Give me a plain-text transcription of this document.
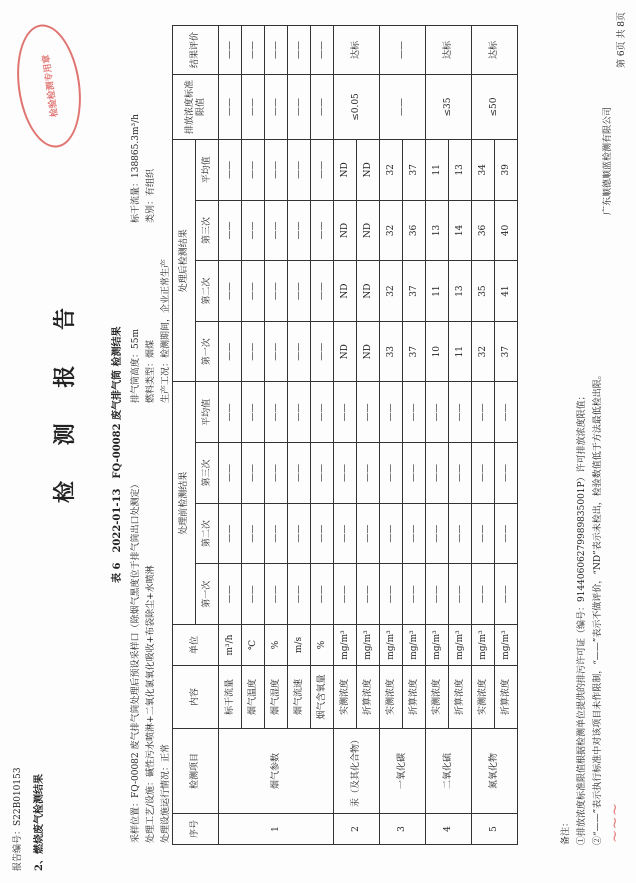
报告编号：S22B010153	2、燃烧废气检测结果
检 测 报 告
广东顺德顺蓝检测有限公司
表 6　2022-01-13　FQ-00082 废气排气筒 检测结果
采样位置：FQ-00082 废气排气筒处理后预设采样口（除烟气黑度位于排气筒出口处测定） 处理工艺/设施：碱性污水喷淋+二氧化氯氧化吸收+布袋除尘+水喷淋 处理设施运行情况：正常
排气筒高度：55m 燃料类型：烟煤 生产工况：检测期间，企业正常生产
标干流量：138865.3m³/h 类别：有组织
序号	检测项目	内容	单位	处理前检测结果				处理后检测结果				排放浓度标准限值	结果评价
				第一次	第二次	第三次	平均值	第一次	第二次	第三次	平均值		
1	烟气参数	标干流量	m³/h	——	——	——	——	——	——	——	——	——	——
		烟气温度	℃	——	——	——	——	——	——	——	——	——	——
		烟气湿度	%	——	——	——	——	——	——	——	——	——	——
		烟气流速	m/s	——	——	——	——	——	——	——	——	——	——
		烟气含氧量	%	——	——	——	——	——	——	——	——	——	——
2	汞（及其化合物）	实测浓度	mg/m³	——	——	——	——	ND	ND	ND	ND	≤0.05	达标
		折算浓度	mg/m³	——	——	——	——	ND	ND	ND	ND		
3	一氧化碳	实测浓度	mg/m³	——	——	——	——	33	32	32	32	——	——
		折算浓度	mg/m³	——	——	——	——	37	37	36	37		
4	二氧化硫	实测浓度	mg/m³	——	——	——	——	10	11	13	11	≤35	达标
		折算浓度	mg/m³	——	——	——	——	11	13	14	13		
5	氮氧化物	实测浓度	mg/m³	——	——	——	——	32	35	36	34	≤50	达标
		折算浓度	mg/m³	——	——	——	——	37	41	40	39		
备注： ①排放浓度标准限值根据检测单位提供的排污许可证（编号：91440606279989835001P）许可排放浓度限值； ②“——”表示执行标准中对该项目未作限制，“——”表示不做评价，“ND”表示未检出，检验数值低于方法最低检出限。
第 6页 共 8页
检验检测专用章
~~~
